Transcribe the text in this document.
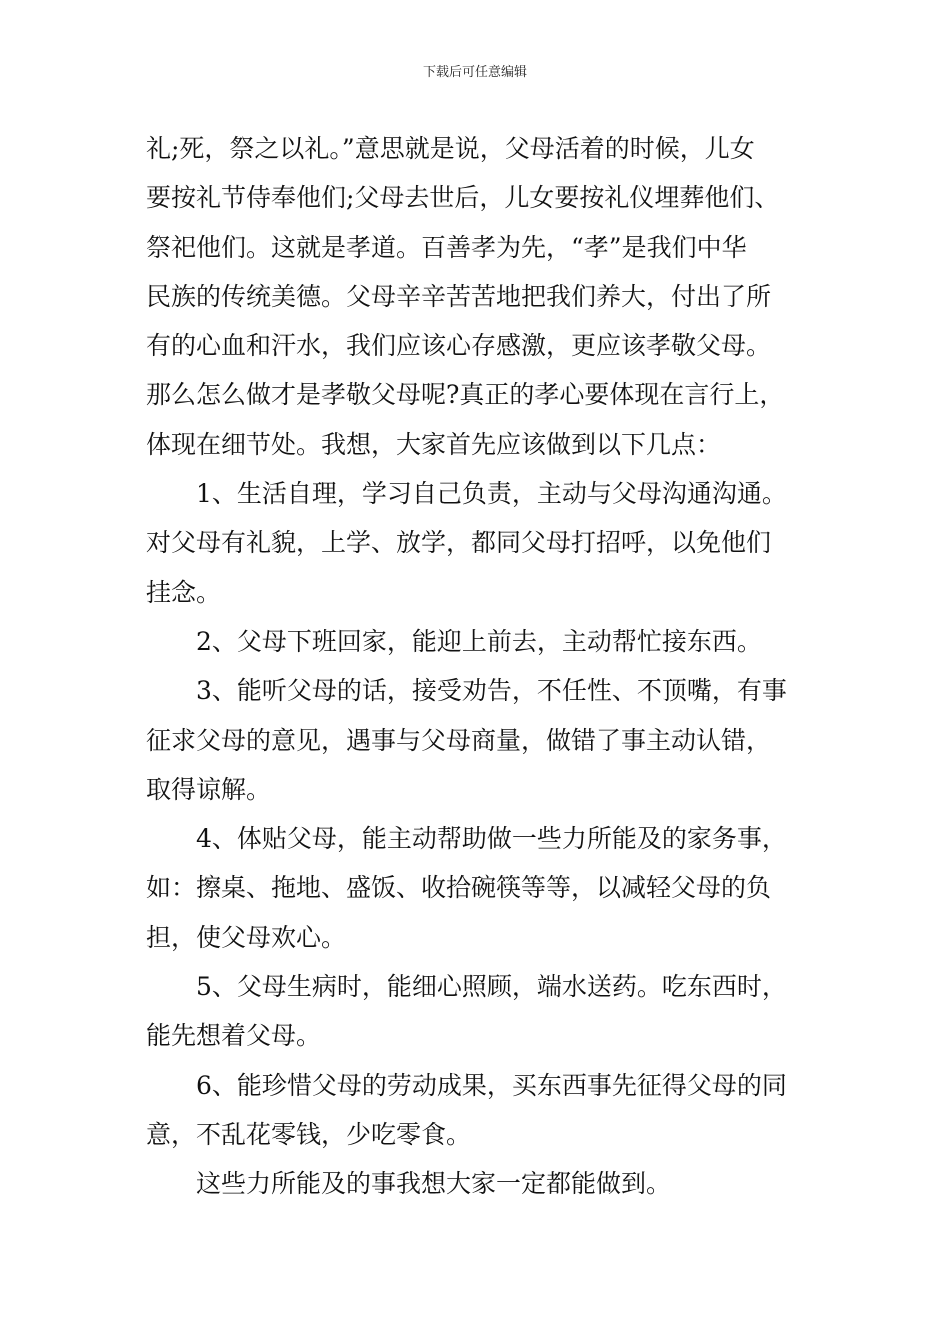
下载后可任意编辑
礼;死，祭之以礼。”意思就是说，父母活着的时候，儿女
要按礼节侍奉他们;父母去世后，儿女要按礼仪埋葬他们、
祭祀他们。这就是孝道。百善孝为先，“孝”是我们中华
民族的传统美德。父母辛辛苦苦地把我们养大，付出了所
有的心血和汗水，我们应该心存感激，更应该孝敬父母。
那么怎么做才是孝敬父母呢?真正的孝心要体现在言行上，
体现在细节处。我想，大家首先应该做到以下几点：
1、生活自理，学习自己负责，主动与父母沟通沟通。
对父母有礼貌，上学、放学，都同父母打招呼，以免他们
挂念。
2、父母下班回家，能迎上前去，主动帮忙接东西。
3、能听父母的话，接受劝告，不任性、不顶嘴，有事
征求父母的意见，遇事与父母商量，做错了事主动认错，
取得谅解。
4、体贴父母，能主动帮助做一些力所能及的家务事，
如：擦桌、拖地、盛饭、收拾碗筷等等，以减轻父母的负
担，使父母欢心。
5、父母生病时，能细心照顾，端水送药。吃东西时，
能先想着父母。
6、能珍惜父母的劳动成果，买东西事先征得父母的同
意，不乱花零钱，少吃零食。
这些力所能及的事我想大家一定都能做到。
